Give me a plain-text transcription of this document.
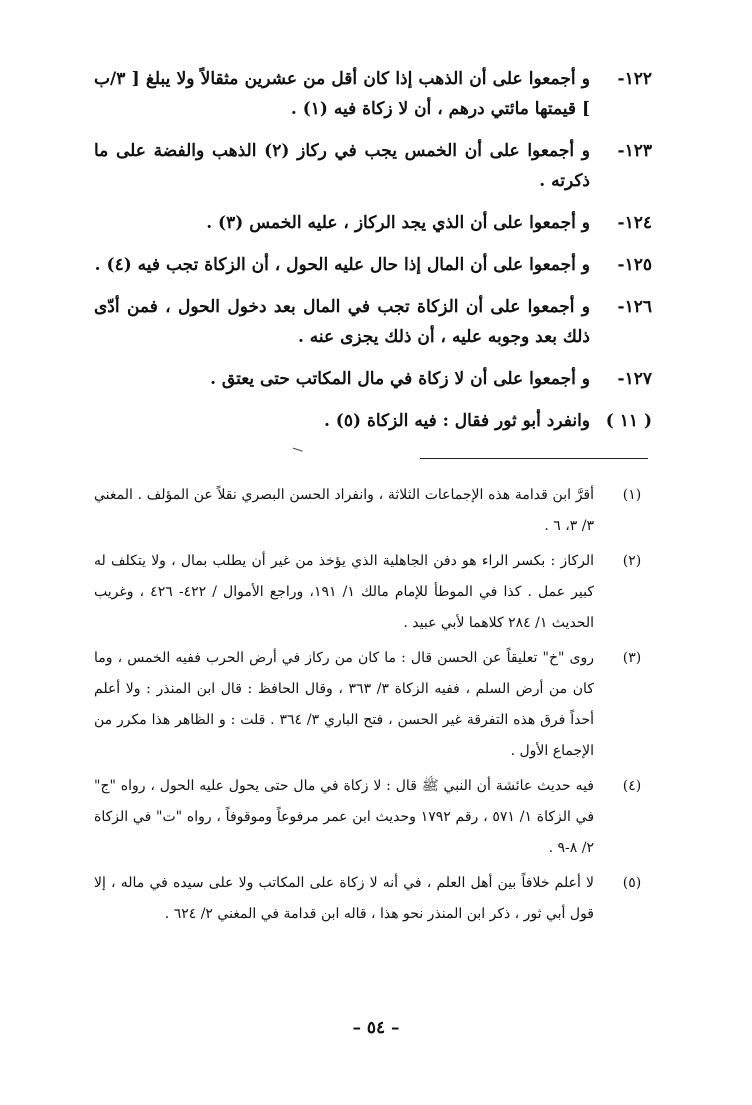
١٢٢-
و أجمعوا على أن الذهب إذا كان أقل من عشرين مثقالاً ولا يبلغ [ ٣/ب ] قيمتها مائتي درهم ، أن لا زكاة فيه (١) .
١٢٣-
و أجمعوا على أن الخمس يجب في ركاز (٢) الذهب والفضة على ما ذكرته .
١٢٤-
و أجمعوا على أن الذي يجد الركاز ، عليه الخمس (٣) .
١٢٥-
و أجمعوا على أن المال إذا حال عليه الحول ، أن الزكاة تجب فيه (٤) .
١٢٦-
و أجمعوا على أن الزكاة تجب في المال بعد دخول الحول ، فمن أدّى ذلك بعد وجوبه عليه ، أن ذلك يجزى عنه .
١٢٧-
و أجمعوا على أن لا زكاة في مال المكاتب حتى يعتق .
( ١١ )
وانفرد أبو ثور فقال : فيه الزكاة (٥) .
(١)
أقرَّ ابن قدامة هذه الإجماعات الثلاثة ، وانفراد الحسن البصري نقلاً عن المؤلف . المغني ٣/ ٣، ٦ .
(٢)
الركاز : بكسر الراء هو دفن الجاهلية الذي يؤخذ من غير أن يطلب بمال ، ولا يتكلف له كبير عمل . كذا في الموطأ للإمام مالك ١/ ١٩١، وراجع الأموال / ٤٢٢- ٤٢٦ ، وغريب الحديث ١/ ٢٨٤ كلاهما لأبي عبيد .
(٣)
روى "خ" تعليقاً عن الحسن قال : ما كان من ركاز في أرض الحرب ففيه الخمس ، وما كان من أرض السلم ، ففيه الزكاة ٣/ ٣٦٣ ، وقال الحافظ : قال ابن المنذر : ولا أعلم أحداً فرق هذه التفرقة غير الحسن ، فتح الباري ٣/ ٣٦٤ . قلت : و الظاهر هذا مكرر من الإجماع الأول .
(٤)
فيه حديث عائشة أن النبي ﷺ قال : لا زكاة في مال حتى يحول عليه الحول ، رواه "ج" في الزكاة ١/ ٥٧١ ، رقم ١٧٩٢ وحديث ابن عمر مرفوعاً وموقوفاً ، رواه "ت" في الزكاة ٢/ ٨-٩ .
(٥)
لا أعلم خلافاً بين أهل العلم ، في أنه لا زكاة على المكاتب ولا على سيده في ماله ، إلا قول أبي ثور ، ذكر ابن المنذر نحو هذا ، قاله ابن قدامة في المغني ٢/ ٦٢٤ .
– ٥٤ –
